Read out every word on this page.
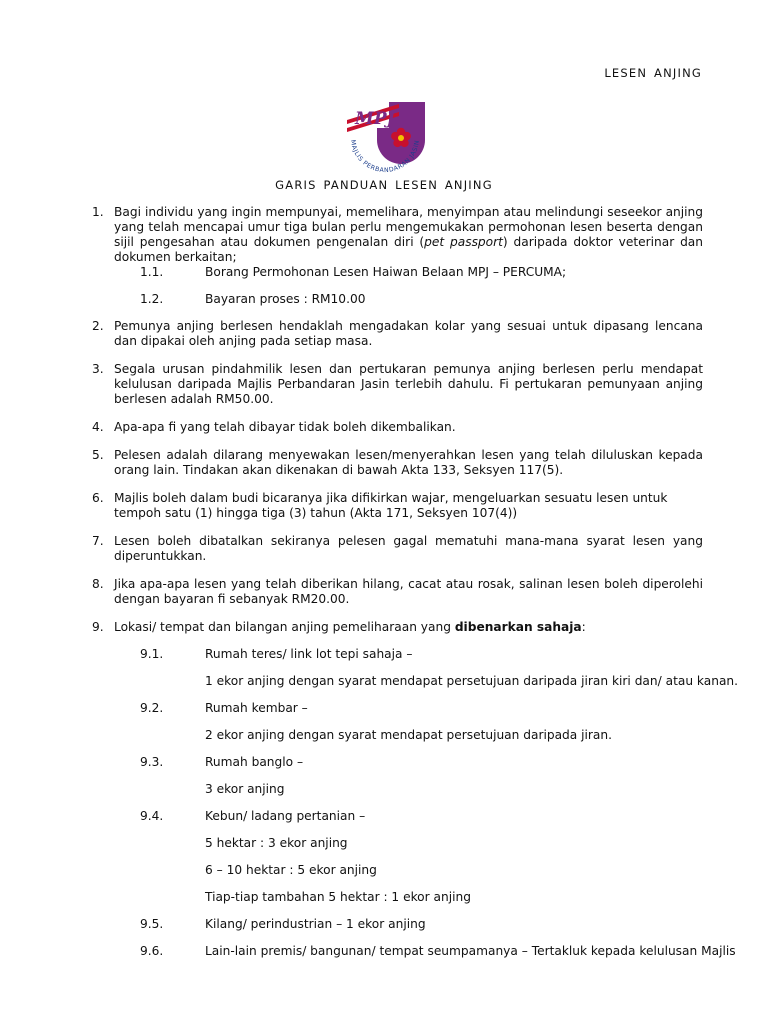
LESEN ANJING
MPJ
MAJLIS PERBANDARAN JASIN
GARIS PANDUAN LESEN ANJING
1. Bagi individu yang ingin mempunyai, memelihara, menyimpan atau melindungi seseekor anjing yang telah mencapai umur tiga bulan perlu mengemukakan permohonan lesen beserta dengan sijil pengesahan atau dokumen pengenalan diri (pet passport) daripada doktor veterinar dan dokumen berkaitan;
1.1.	Borang Permohonan Lesen Haiwan Belaan MPJ – PERCUMA;
1.2.	Bayaran proses : RM10.00
2. Pemunya anjing berlesen hendaklah mengadakan kolar yang sesuai untuk dipasang lencana dan dipakai oleh anjing pada setiap masa.
3. Segala urusan pindahmilik lesen dan pertukaran pemunya anjing berlesen perlu mendapat kelulusan daripada Majlis Perbandaran Jasin terlebih dahulu. Fi pertukaran pemunyaan anjing berlesen adalah RM50.00.
4. Apa-apa fi yang telah dibayar tidak boleh dikembalikan.
5. Pelesen adalah dilarang menyewakan lesen/menyerahkan lesen yang telah diluluskan kepada orang lain. Tindakan akan dikenakan di bawah Akta 133, Seksyen 117(5).
6. Majlis boleh dalam budi bicaranya jika difikirkan wajar, mengeluarkan sesuatu lesen untuk tempoh satu (1) hingga tiga (3) tahun (Akta 171, Seksyen 107(4))
7. Lesen boleh dibatalkan sekiranya pelesen gagal mematuhi mana-mana syarat lesen yang diperuntukkan.
8. Jika apa-apa lesen yang telah diberikan hilang, cacat atau rosak, salinan lesen boleh diperolehi dengan bayaran fi sebanyak RM20.00.
9. Lokasi/ tempat dan bilangan anjing pemeliharaan yang dibenarkan sahaja:
9.1.	Rumah teres/ link lot tepi sahaja –
1 ekor anjing dengan syarat mendapat persetujuan daripada jiran kiri dan/ atau kanan.
9.2.	Rumah kembar –
2 ekor anjing dengan syarat mendapat persetujuan daripada jiran.
9.3.	Rumah banglo –
3 ekor anjing
9.4.	Kebun/ ladang pertanian –
5 hektar : 3 ekor anjing
6 – 10 hektar : 5 ekor anjing
Tiap-tiap tambahan 5 hektar : 1 ekor anjing
9.5.	Kilang/ perindustrian – 1 ekor anjing
9.6.	Lain-lain premis/ bangunan/ tempat seumpamanya – Tertakluk kepada kelulusan Majlis
